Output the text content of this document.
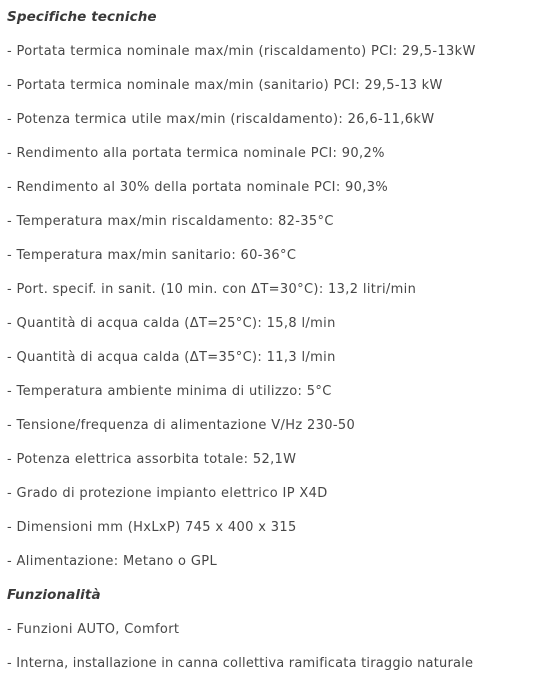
Specifiche tecniche
- Portata termica nominale max/min (riscaldamento) PCI: 29,5-13kW
- Portata termica nominale max/min (sanitario) PCI: 29,5-13 kW
- Potenza termica utile max/min (riscaldamento): 26,6-11,6kW
- Rendimento alla portata termica nominale PCI: 90,2%
- Rendimento al 30% della portata nominale PCI: 90,3%
- Temperatura max/min riscaldamento: 82-35°C
- Temperatura max/min sanitario: 60-36°C
- Port. specif. in sanit. (10 min. con ΔT=30°C): 13,2 litri/min
- Quantità di acqua calda (ΔT=25°C): 15,8 l/min
- Quantità di acqua calda (ΔT=35°C): 11,3 l/min
- Temperatura ambiente minima di utilizzo: 5°C
- Tensione/frequenza di alimentazione V/Hz 230-50
- Potenza elettrica assorbita totale: 52,1W
- Grado di protezione impianto elettrico IP X4D
- Dimensioni mm (HxLxP) 745 x 400 x 315
- Alimentazione: Metano o GPL
Funzionalità
- Funzioni AUTO, Comfort
- Interna, installazione in canna collettiva ramificata tiraggio naturale
